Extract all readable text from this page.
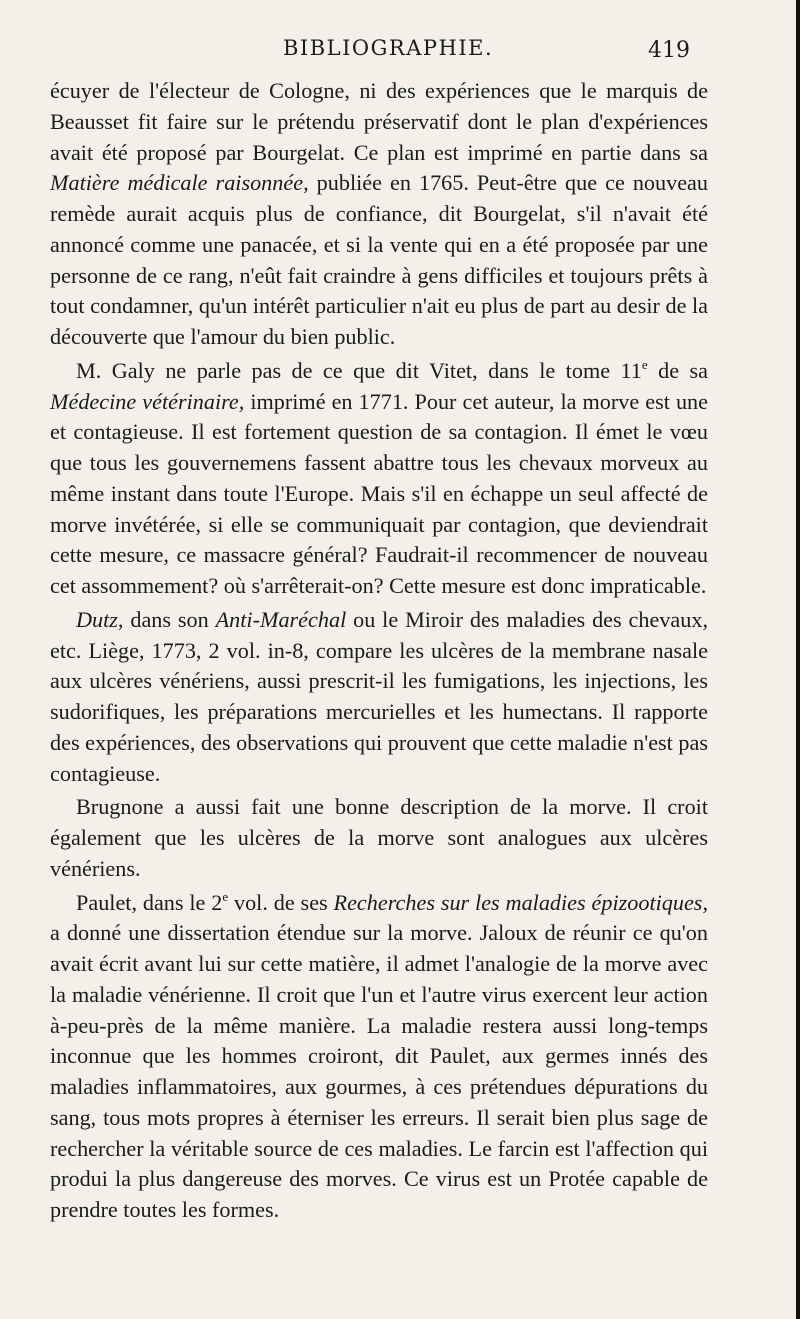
BIBLIOGRAPHIE.	419

écuyer de l'électeur de Cologne, ni des expériences que le marquis de Beausset fit faire sur le prétendu préservatif dont le plan d'expériences avait été proposé par Bourgelat. Ce plan est imprimé en partie dans sa Matière médicale raisonnée, publiée en 1765. Peut-être que ce nouveau remède aurait acquis plus de confiance, dit Bourgelat, s'il n'avait été annoncé comme une panacée, et si la vente qui en a été proposée par une personne de ce rang, n'eût fait craindre à gens difficiles et toujours prêts à tout condamner, qu'un intérêt particulier n'ait eu plus de part au desir de la découverte que l'amour du bien public.

M. Galy ne parle pas de ce que dit Vitet, dans le tome 11e de sa Médecine vétérinaire, imprimé en 1771. Pour cet auteur, la morve est une et contagieuse. Il est fortement question de sa contagion. Il émet le vœu que tous les gouvernemens fassent abattre tous les chevaux morveux au même instant dans toute l'Europe. Mais s'il en échappe un seul affecté de morve invétérée, si elle se communiquait par contagion, que deviendrait cette mesure, ce massacre général? Faudrait-il recommencer de nouveau cet assommement? où s'arrêterait-on? Cette mesure est donc impraticable.

Dutz, dans son Anti-Maréchal ou le Miroir des maladies des chevaux, etc. Liège, 1773, 2 vol. in-8, compare les ulcères de la membrane nasale aux ulcères vénériens, aussi prescrit-il les fumigations, les injections, les sudorifiques, les préparations mercurielles et les humectans. Il rapporte des expériences, des observations qui prouvent que cette maladie n'est pas contagieuse.

Brugnone a aussi fait une bonne description de la morve. Il croit également que les ulcères de la morve sont analogues aux ulcères vénériens.

Paulet, dans le 2e vol. de ses Recherches sur les maladies épizootiques, a donné une dissertation étendue sur la morve. Jaloux de réunir ce qu'on avait écrit avant lui sur cette matière, il admet l'analogie de la morve avec la maladie vénérienne. Il croit que l'un et l'autre virus exercent leur action à-peu-près de la même manière. La maladie restera aussi long-temps inconnue que les hommes croiront, dit Paulet, aux germes innés des maladies inflammatoires, aux gourmes, à ces prétendues dépurations du sang, tous mots propres à éterniser les erreurs. Il serait bien plus sage de rechercher la véritable source de ces maladies. Le farcin est l'affection qui produi la plus dangereuse des morves. Ce virus est un Protée capable de prendre toutes les formes.
